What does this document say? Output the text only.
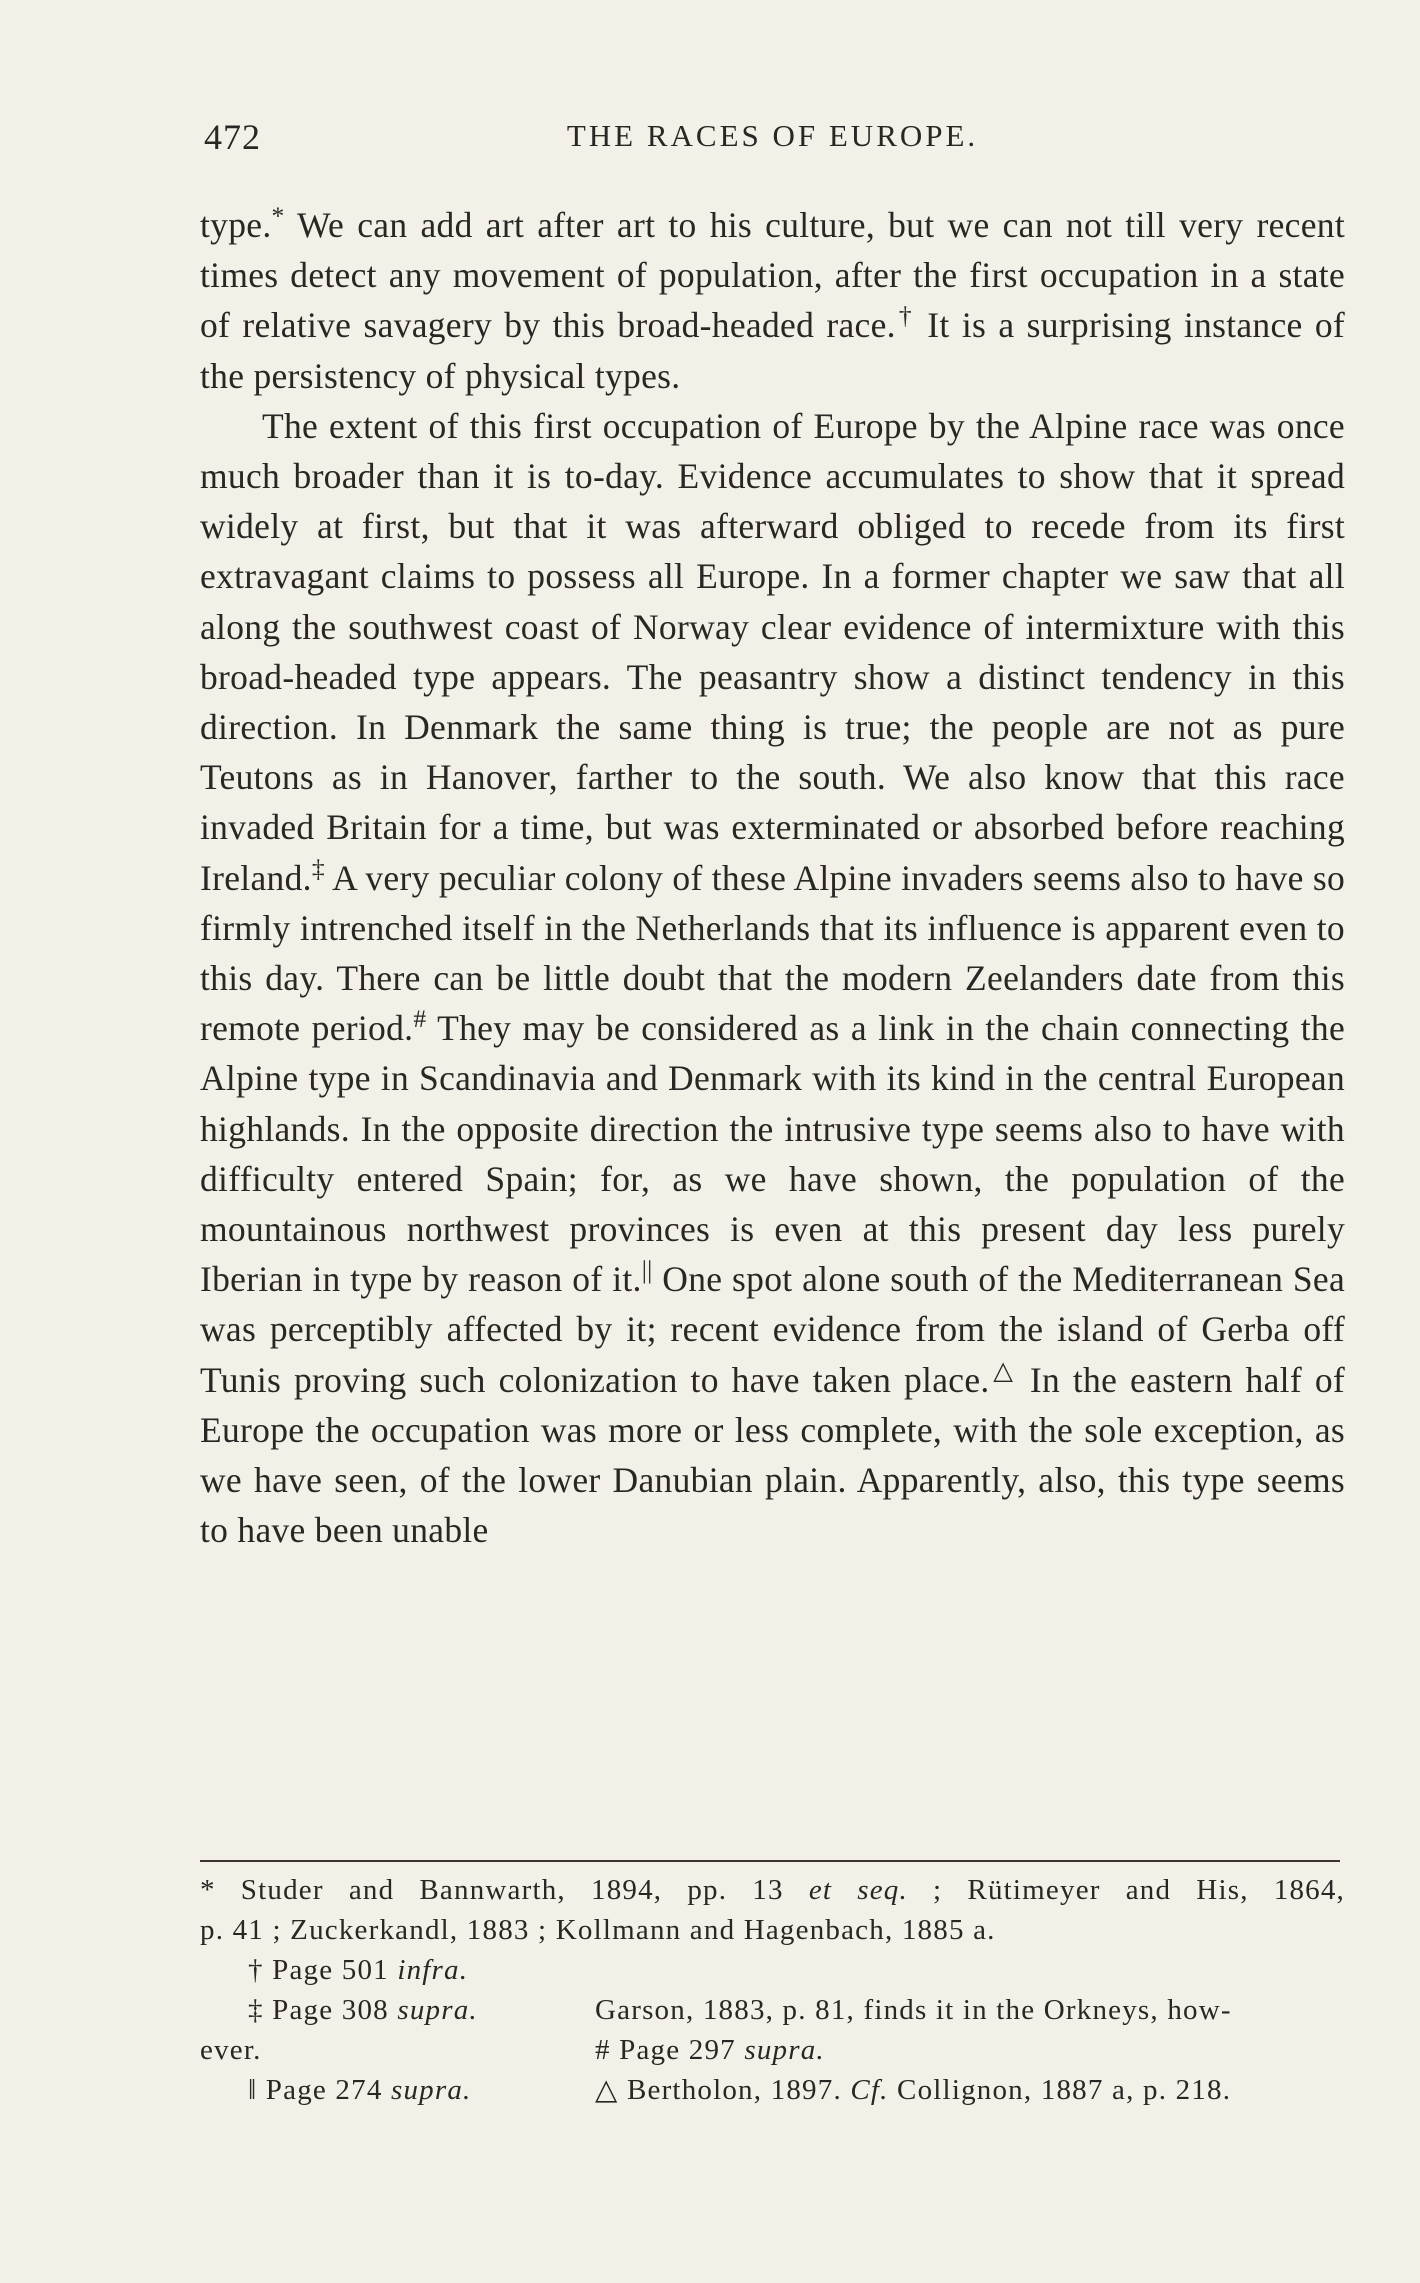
472	THE RACES OF EUROPE.

type.* We can add art after art to his culture, but we can not till very recent times detect any movement of population, after the first occupation in a state of relative savagery by this broad-headed race.† It is a surprising instance of the persistency of physical types.

The extent of this first occupation of Europe by the Alpine race was once much broader than it is to-day. Evidence accumulates to show that it spread widely at first, but that it was afterward obliged to recede from its first extravagant claims to possess all Europe. In a former chapter we saw that all along the southwest coast of Norway clear evidence of intermixture with this broad-headed type appears. The peasantry show a distinct tendency in this direction. In Denmark the same thing is true; the people are not as pure Teutons as in Hanover, farther to the south. We also know that this race invaded Britain for a time, but was exterminated or absorbed before reaching Ireland.‡ A very peculiar colony of these Alpine invaders seems also to have so firmly intrenched itself in the Netherlands that its influence is apparent even to this day. There can be little doubt that the modern Zeelanders date from this remote period.# They may be considered as a link in the chain connecting the Alpine type in Scandinavia and Denmark with its kind in the central European highlands. In the opposite direction the intrusive type seems also to have with difficulty entered Spain; for, as we have shown, the population of the mountainous northwest provinces is even at this present day less purely Iberian in type by reason of it.|| One spot alone south of the Mediterranean Sea was perceptibly affected by it; recent evidence from the island of Gerba off Tunis proving such colonization to have taken place.△ In the eastern half of Europe the occupation was more or less complete, with the sole exception, as we have seen, of the lower Danubian plain. Apparently, also, this type seems to have been unable

* Studer and Bannwarth, 1894, pp. 13 et seq. ; Rütimeyer and His, 1864,
p. 41 ; Zuckerkandl, 1883 ; Kollmann and Hagenbach, 1885 a.
† Page 501 infra.
‡ Page 308 supra.	Garson, 1883, p. 81, finds it in the Orkneys, how-
ever.	# Page 297 supra.
‖ Page 274 supra.	△ Bertholon, 1897. Cf. Collignon, 1887 a, p. 218.
